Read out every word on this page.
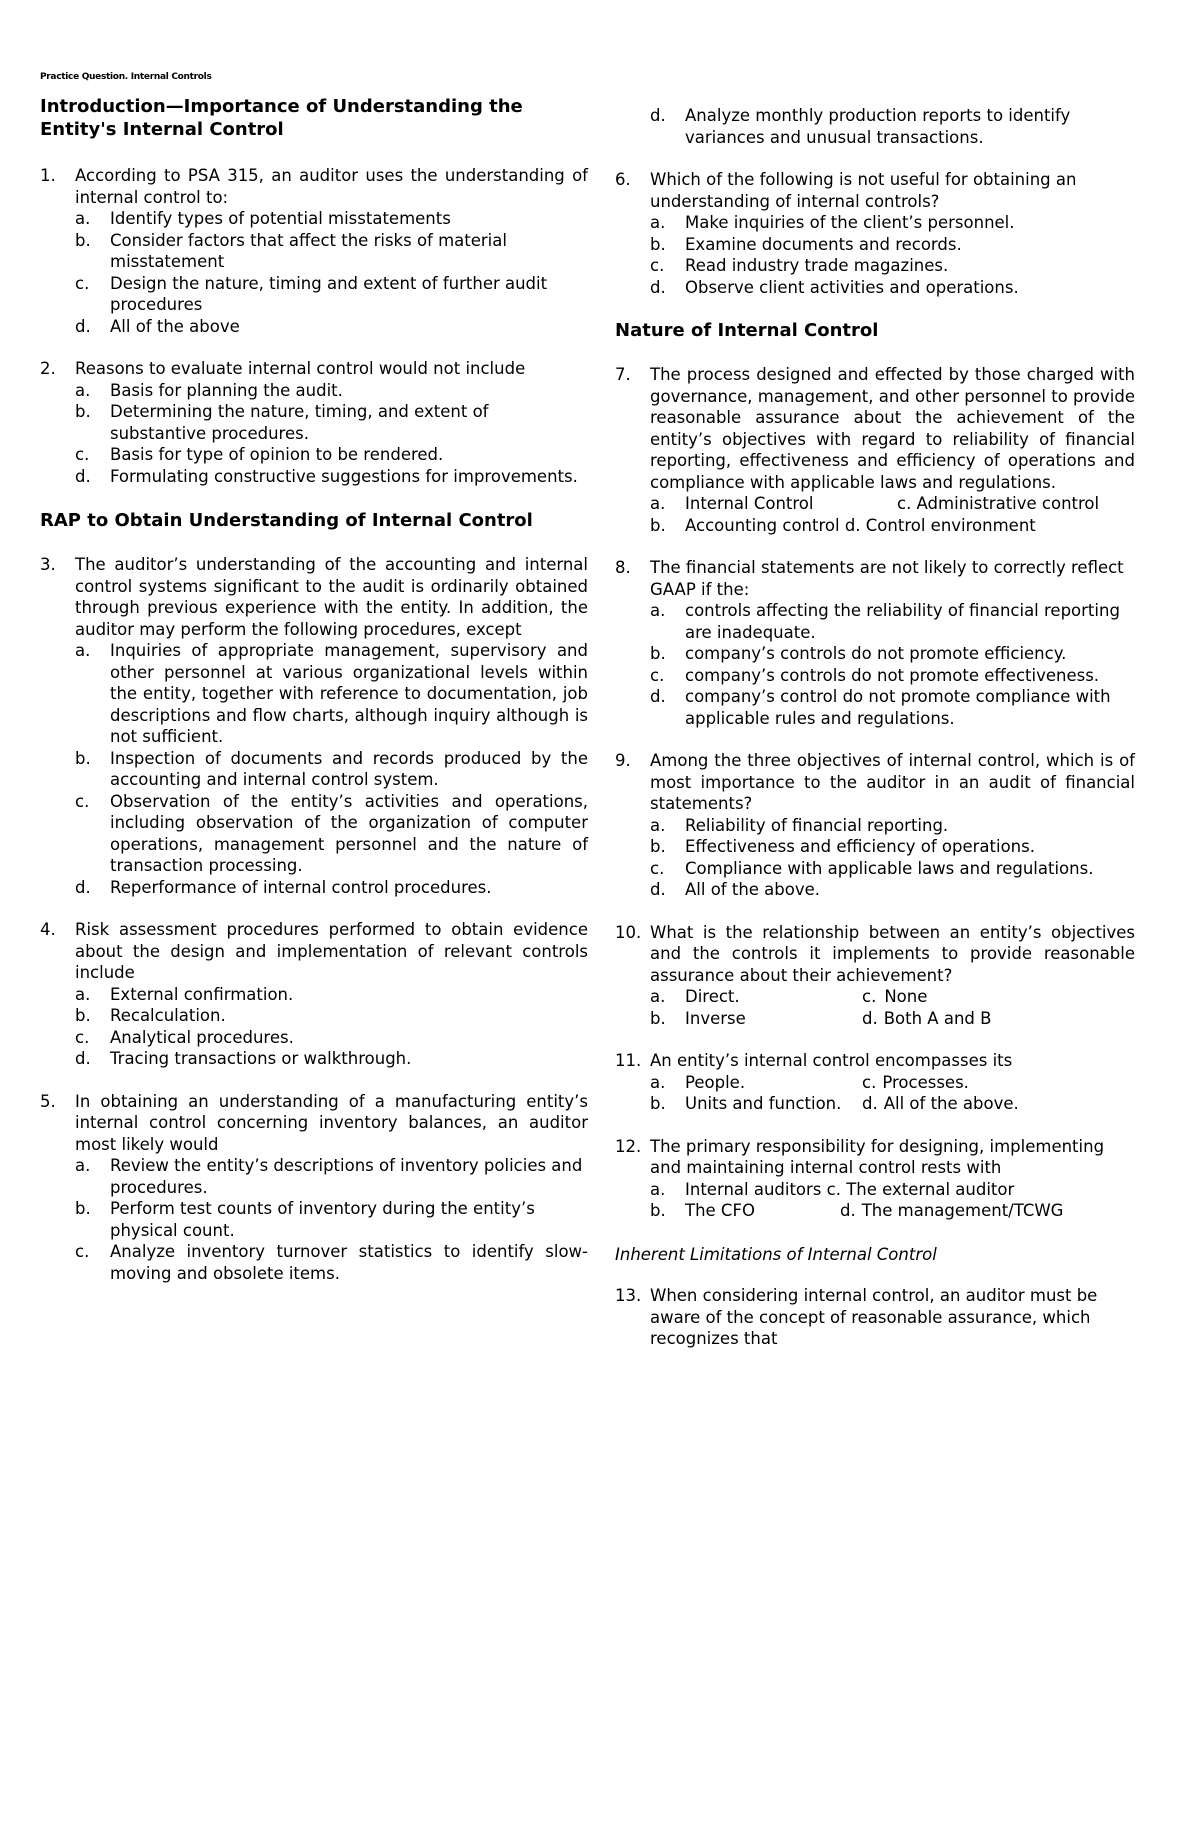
Practice Question. Internal Controls
Introduction—Importance of Understanding the Entity's Internal Control
1.	According to PSA 315, an auditor uses the understanding of internal control to:
a.	Identify types of potential misstatements
b.	Consider factors that affect the risks of material misstatement
c.	Design the nature, timing and extent of further audit procedures
d.	All of the above
2.	Reasons to evaluate internal control would not include
a.	Basis for planning the audit.
b.	Determining the nature, timing, and extent of substantive procedures.
c.	Basis for type of opinion to be rendered.
d.	Formulating constructive suggestions for improvements.
RAP to Obtain Understanding of Internal Control
3.	The auditor’s understanding of the accounting and internal control systems significant to the audit is ordinarily obtained through previous experience with the entity. In addition, the auditor may perform the following procedures, except
a.	Inquiries of appropriate management, supervisory and other personnel at various organizational levels within the entity, together with reference to documentation, job descriptions and flow charts, although inquiry although is not sufficient.
b.	Inspection of documents and records produced by the accounting and internal control system.
c.	Observation of the entity’s activities and operations, including observation of the organization of computer operations, management personnel and the nature of transaction processing.
d.	Reperformance of internal control procedures.
4.	Risk assessment procedures performed to obtain evidence about the design and implementation of relevant controls include
a.	External confirmation.
b.	Recalculation.
c.	Analytical procedures.
d.	Tracing transactions or walkthrough.
5.	In obtaining an understanding of a manufacturing entity’s internal control concerning inventory balances, an auditor most likely would
a.	Review the entity’s descriptions of inventory policies and procedures.
b.	Perform test counts of inventory during the entity’s physical count.
c.	Analyze inventory turnover statistics to identify slow-moving and obsolete items.
d.	Analyze monthly production reports to identify variances and unusual transactions.
6.	Which of the following is not useful for obtaining an understanding of internal controls?
a.	Make inquiries of the client’s personnel.
b.	Examine documents and records.
c.	Read industry trade magazines.
d.	Observe client activities and operations.
Nature of Internal Control
7.	The process designed and effected by those charged with governance, management, and other personnel to provide reasonable assurance about the achievement of the entity’s objectives with regard to reliability of financial reporting, effectiveness and efficiency of operations and compliance with applicable laws and regulations.
a.	Internal Control	c. Administrative control
b.	Accounting control d. Control environment
8.	The financial statements are not likely to correctly reflect GAAP if the:
a.	controls affecting the reliability of financial reporting are inadequate.
b.	company’s controls do not promote efficiency.
c.	company’s controls do not promote effectiveness.
d.	company’s control do not promote compliance with applicable rules and regulations.
9.	Among the three objectives of internal control, which is of most importance to the auditor in an audit of financial statements?
a.	Reliability of financial reporting.
b.	Effectiveness and efficiency of operations.
c.	Compliance with applicable laws and regulations.
d.	All of the above.
10. What is the relationship between an entity’s objectives and the controls it implements to provide reasonable assurance about their achievement?
a.	Direct.	c. None
b.	Inverse	d. Both A and B
11. An entity’s internal control encompasses its
a.	People.	c. Processes.
b.	Units and function. d. All of the above.
12. The primary responsibility for designing, implementing and maintaining internal control rests with
a.	Internal auditors c. The external auditor
b.	The CFO	d. The management/TCWG
Inherent Limitations of Internal Control
13. When considering internal control, an auditor must be aware of the concept of reasonable assurance, which recognizes that
